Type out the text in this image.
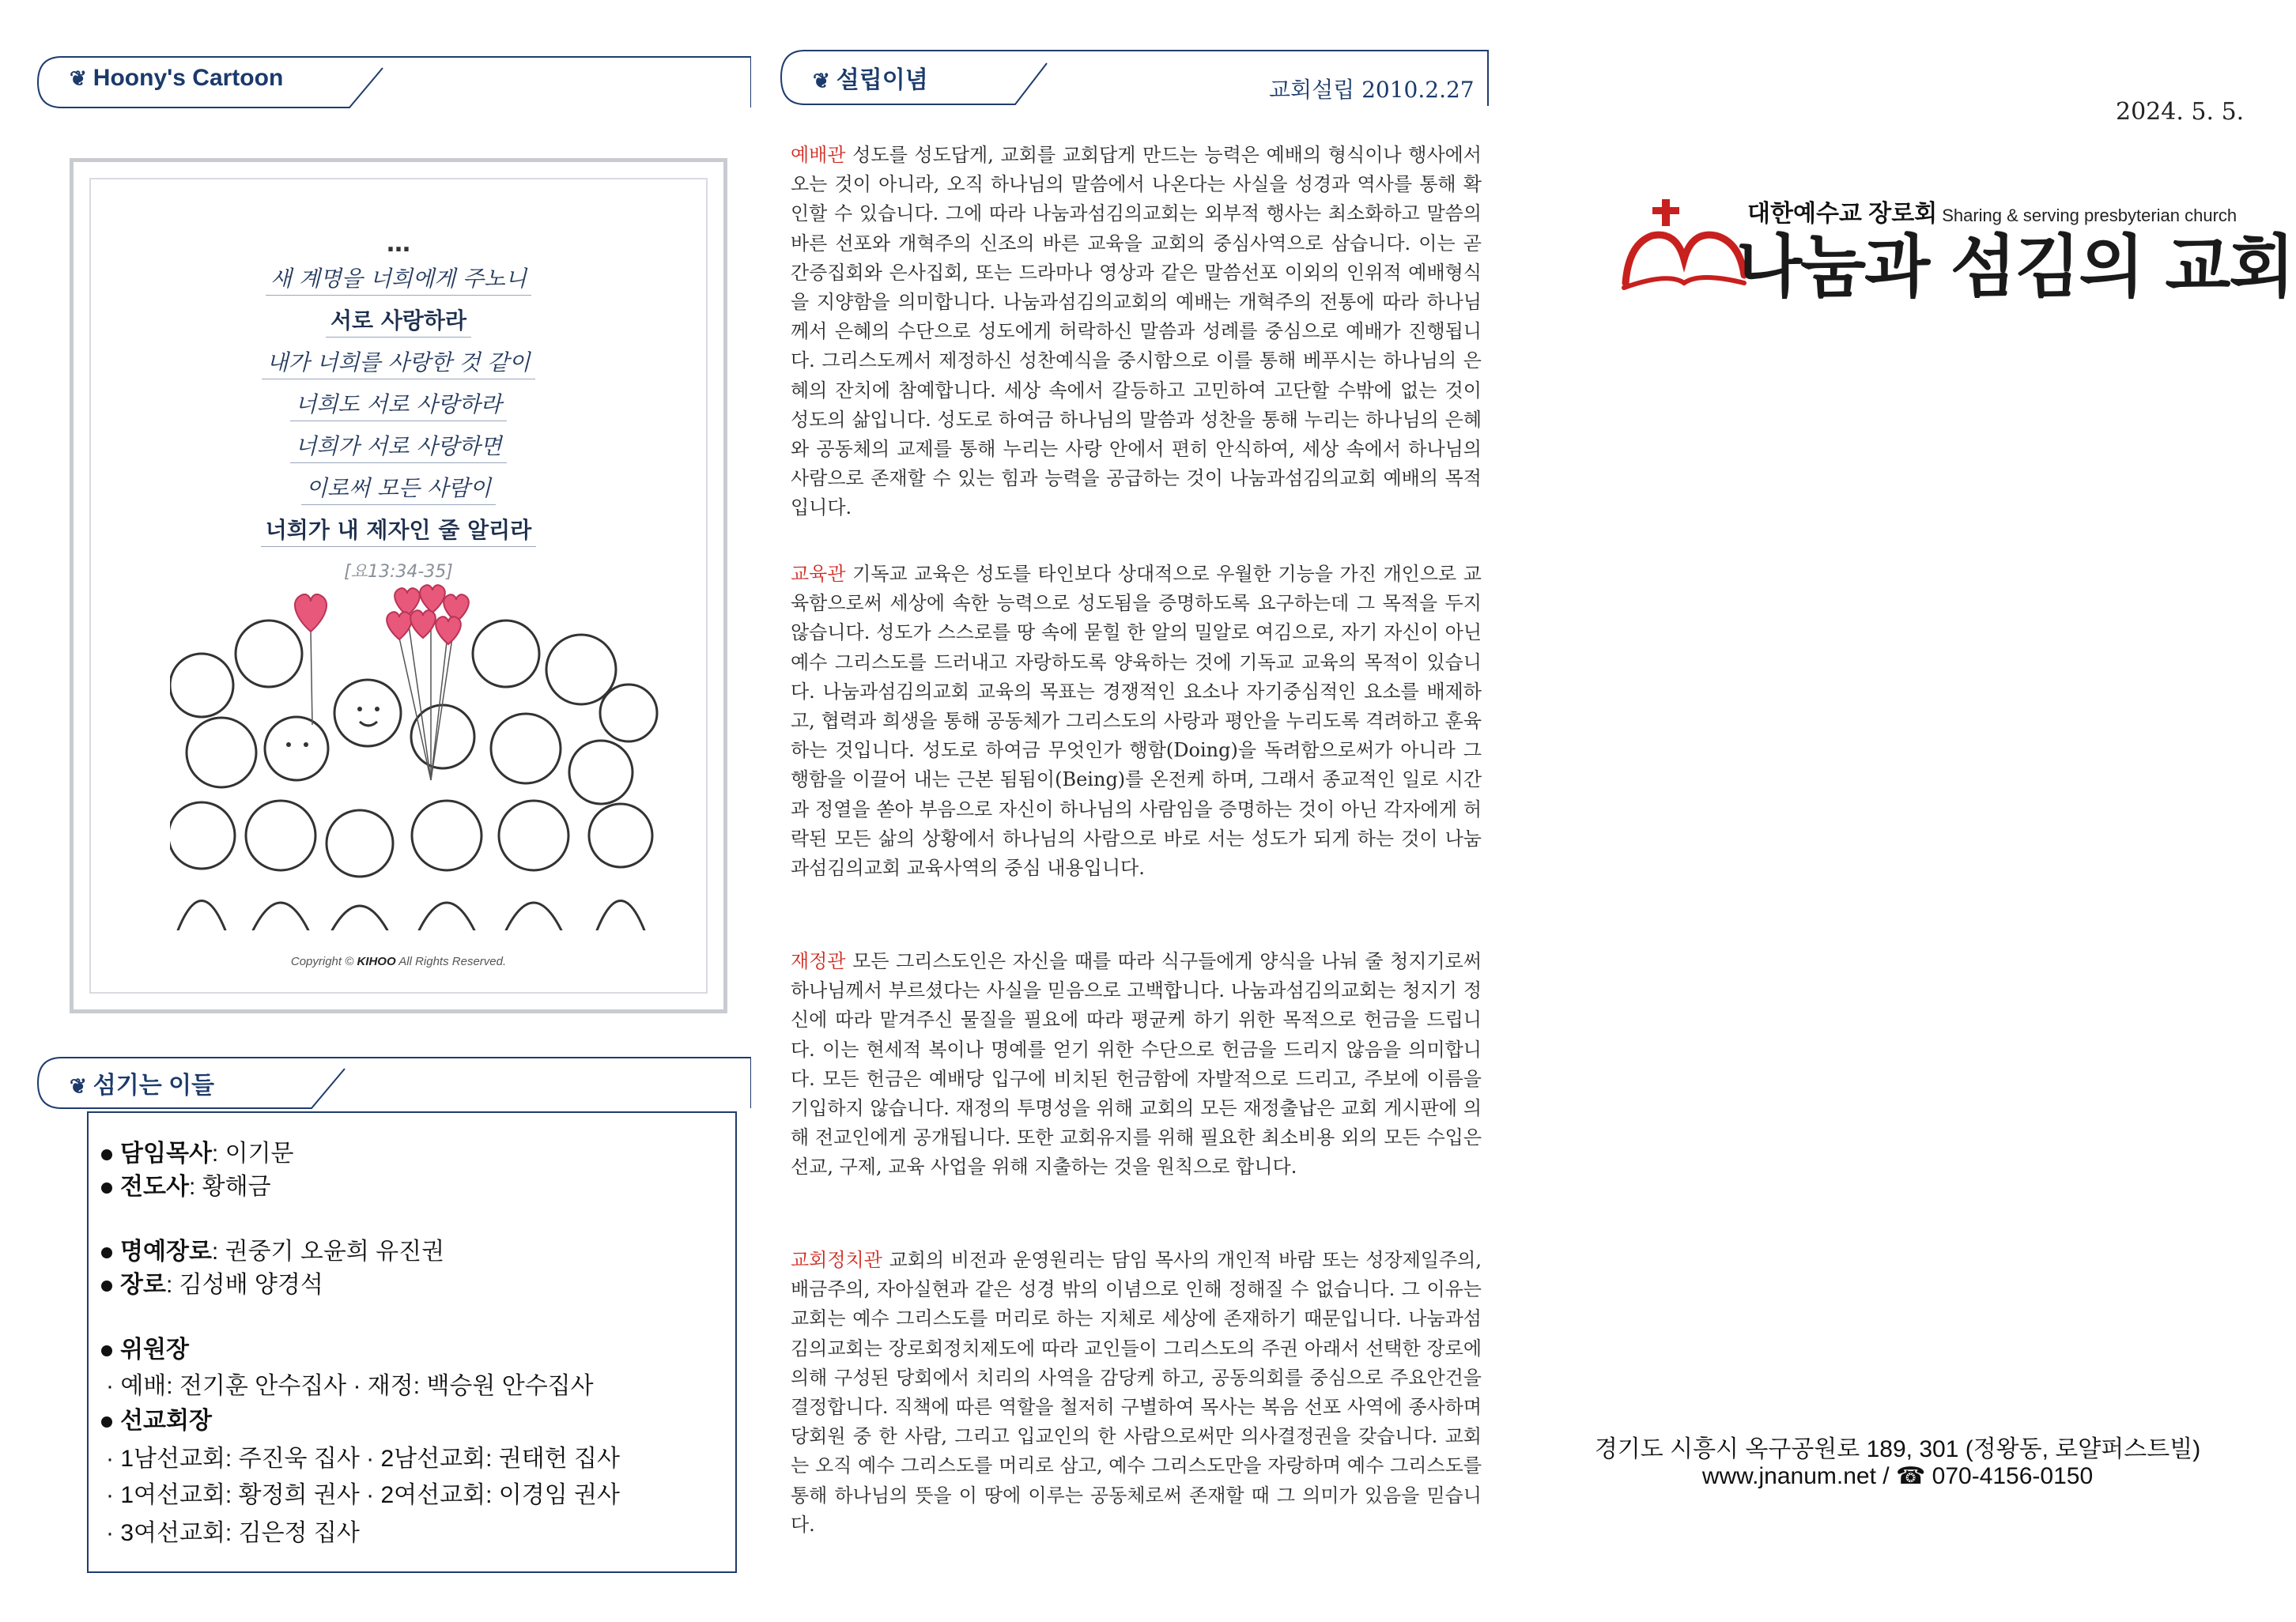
❦ Hoony's Cartoon
…
새 계명을 너희에게 주노니
서로 사랑하라
내가 너희를 사랑한 것 같이
너희도 서로 사랑하라
너희가 서로 사랑하면
이로써 모든 사람이
너희가 내 제자인 줄 알리라
[요13:34-35]
Copyright © KIHOO All Rights Reserved.
❦ 섬기는 이들
담임목사: 이기문
전도사: 황해금
명예장로: 권중기 오윤희 유진권
장로: 김성배 양경석
위원장
· 예배: 전기훈 안수집사 · 재정: 백승원 안수집사
선교회장
· 1남선교회: 주진욱 집사 · 2남선교회: 권태헌 집사
· 1여선교회: 황정희 권사 · 2여선교회: 이경임 권사
· 3여선교회: 김은정 집사
❦ 설립이념	교회설립 2010.2.27
예배관 성도를 성도답게, 교회를 교회답게 만드는 능력은 예배의 형식이나 행사에서 오는 것이 아니라, 오직 하나님의 말씀에서 나온다는 사실을 성경과 역사를 통해 확인할 수 있습니다. 그에 따라 나눔과섬김의교회는 외부적 행사는 최소화하고 말씀의 바른 선포와 개혁주의 신조의 바른 교육을 교회의 중심사역으로 삼습니다. 이는 곧 간증집회와 은사집회, 또는 드라마나 영상과 같은 말씀선포 이외의 인위적 예배형식을 지양함을 의미합니다. 나눔과섬김의교회의 예배는 개혁주의 전통에 따라 하나님께서 은혜의 수단으로 성도에게 허락하신 말씀과 성례를 중심으로 예배가 진행됩니다. 그리스도께서 제정하신 성찬예식을 중시함으로 이를 통해 베푸시는 하나님의 은혜의 잔치에 참예합니다. 세상 속에서 갈등하고 고민하여 고단할 수밖에 없는 것이 성도의 삶입니다. 성도로 하여금 하나님의 말씀과 성찬을 통해 누리는 하나님의 은혜와 공동체의 교제를 통해 누리는 사랑 안에서 편히 안식하여, 세상 속에서 하나님의 사람으로 존재할 수 있는 힘과 능력을 공급하는 것이 나눔과섬김의교회 예배의 목적입니다.
교육관 기독교 교육은 성도를 타인보다 상대적으로 우월한 기능을 가진 개인으로 교육함으로써 세상에 속한 능력으로 성도됨을 증명하도록 요구하는데 그 목적을 두지 않습니다. 성도가 스스로를 땅 속에 묻힐 한 알의 밀알로 여김으로, 자기 자신이 아닌 예수 그리스도를 드러내고 자랑하도록 양육하는 것에 기독교 교육의 목적이 있습니다. 나눔과섬김의교회 교육의 목표는 경쟁적인 요소나 자기중심적인 요소를 배제하고, 협력과 희생을 통해 공동체가 그리스도의 사랑과 평안을 누리도록 격려하고 훈육하는 것입니다. 성도로 하여금 무엇인가 행함(Doing)을 독려함으로써가 아니라 그 행함을 이끌어 내는 근본 됨됨이(Being)를 온전케 하며, 그래서 종교적인 일로 시간과 정열을 쏟아 부음으로 자신이 하나님의 사람임을 증명하는 것이 아닌 각자에게 허락된 모든 삶의 상황에서 하나님의 사람으로 바로 서는 성도가 되게 하는 것이 나눔과섬김의교회 교육사역의 중심 내용입니다.
재정관 모든 그리스도인은 자신을 때를 따라 식구들에게 양식을 나눠 줄 청지기로써 하나님께서 부르셨다는 사실을 믿음으로 고백합니다. 나눔과섬김의교회는 청지기 정신에 따라 맡겨주신 물질을 필요에 따라 평균케 하기 위한 목적으로 헌금을 드립니다. 이는 현세적 복이나 명예를 얻기 위한 수단으로 헌금을 드리지 않음을 의미합니다. 모든 헌금은 예배당 입구에 비치된 헌금함에 자발적으로 드리고, 주보에 이름을 기입하지 않습니다. 재정의 투명성을 위해 교회의 모든 재정출납은 교회 게시판에 의해 전교인에게 공개됩니다. 또한 교회유지를 위해 필요한 최소비용 외의 모든 수입은 선교, 구제, 교육 사업을 위해 지출하는 것을 원칙으로 합니다.
교회정치관 교회의 비전과 운영원리는 담임 목사의 개인적 바람 또는 성장제일주의, 배금주의, 자아실현과 같은 성경 밖의 이념으로 인해 정해질 수 없습니다. 그 이유는 교회는 예수 그리스도를 머리로 하는 지체로 세상에 존재하기 때문입니다. 나눔과섬김의교회는 장로회정치제도에 따라 교인들이 그리스도의 주권 아래서 선택한 장로에 의해 구성된 당회에서 치리의 사역을 감당케 하고, 공동의회를 중심으로 주요안건을 결정합니다. 직책에 따른 역할을 철저히 구별하여 목사는 복음 선포 사역에 종사하며 당회원 중 한 사람, 그리고 입교인의 한 사람으로써만 의사결정권을 갖습니다. 교회는 오직 예수 그리스도를 머리로 삼고, 예수 그리스도만을 자랑하며 예수 그리스도를 통해 하나님의 뜻을 이 땅에 이루는 공동체로써 존재할 때 그 의미가 있음을 믿습니다.
2024. 5. 5.
대한예수교 장로회 Sharing & serving presbyterian church
나눔과 섬김의 교회
경기도 시흥시 옥구공원로 189, 301 (정왕동, 로얄퍼스트빌)
www.jnanum.net / ☎ 070-4156-0150
